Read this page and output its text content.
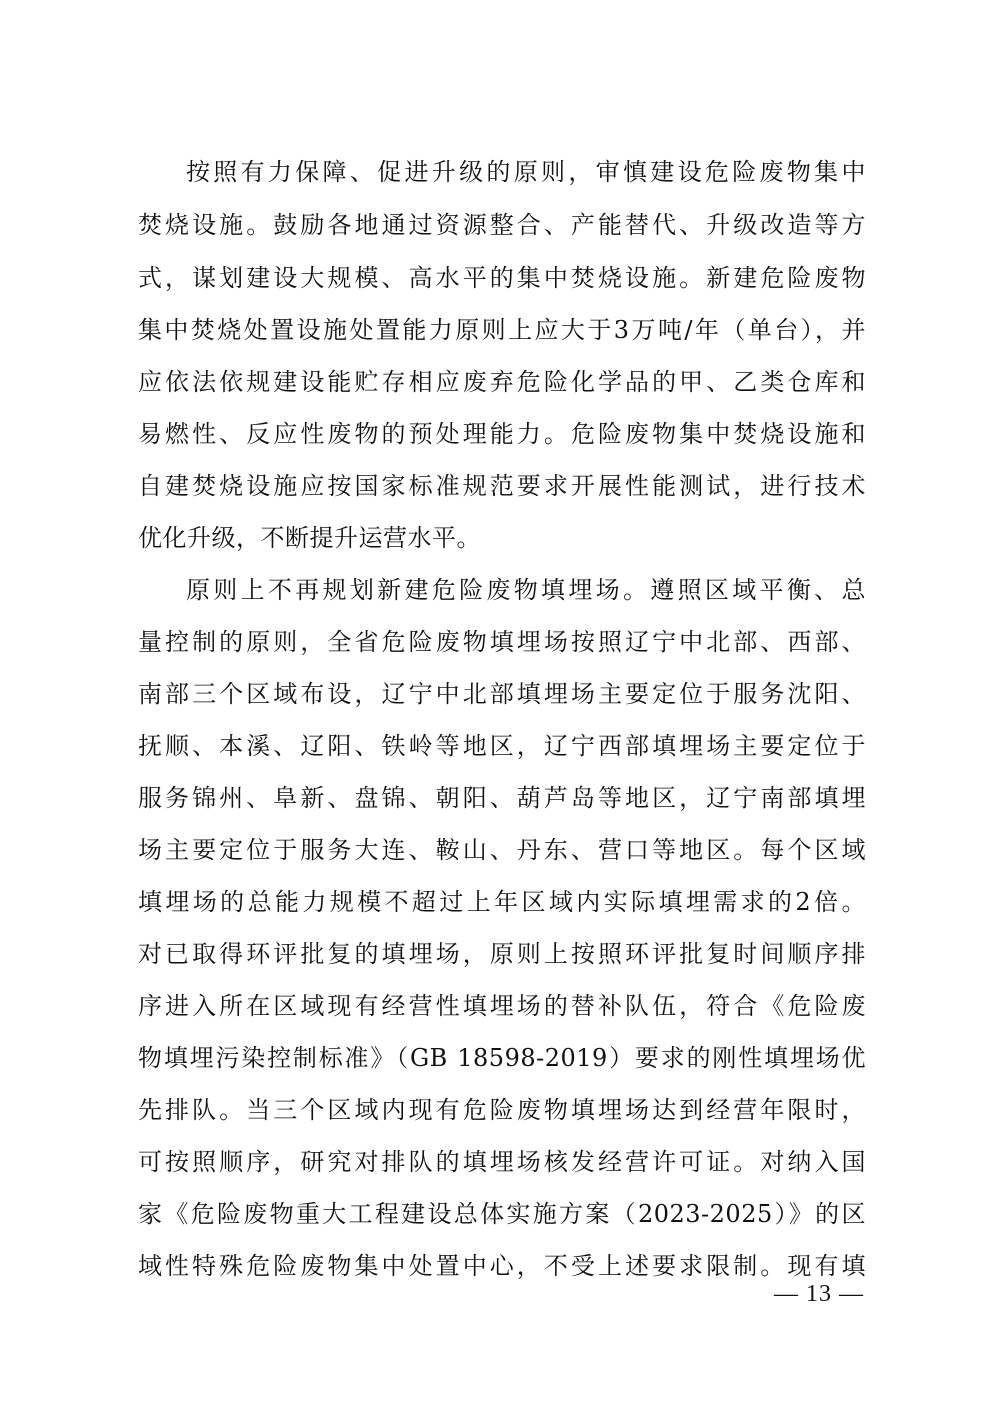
按照有力保障、促进升级的原则，审慎建设危险废物集中
焚烧设施。鼓励各地通过资源整合、产能替代、升级改造等方
式，谋划建设大规模、高水平的集中焚烧设施。新建危险废物
集中焚烧处置设施处置能力原则上应大于3万吨/年（单台），并
应依法依规建设能贮存相应废弃危险化学品的甲、乙类仓库和
易燃性、反应性废物的预处理能力。危险废物集中焚烧设施和
自建焚烧设施应按国家标准规范要求开展性能测试，进行技术
优化升级，不断提升运营水平。
原则上不再规划新建危险废物填埋场。遵照区域平衡、总
量控制的原则，全省危险废物填埋场按照辽宁中北部、西部、
南部三个区域布设，辽宁中北部填埋场主要定位于服务沈阳、
抚顺、本溪、辽阳、铁岭等地区，辽宁西部填埋场主要定位于
服务锦州、阜新、盘锦、朝阳、葫芦岛等地区，辽宁南部填埋
场主要定位于服务大连、鞍山、丹东、营口等地区。每个区域
填埋场的总能力规模不超过上年区域内实际填埋需求的2倍。
对已取得环评批复的填埋场，原则上按照环评批复时间顺序排
序进入所在区域现有经营性填埋场的替补队伍，符合《危险废
物填埋污染控制标准》（GB 18598-2019）要求的刚性填埋场优
先排队。当三个区域内现有危险废物填埋场达到经营年限时，
可按照顺序，研究对排队的填埋场核发经营许可证。对纳入国
家《危险废物重大工程建设总体实施方案（2023-2025）》的区
域性特殊危险废物集中处置中心，不受上述要求限制。现有填
— 13 —
